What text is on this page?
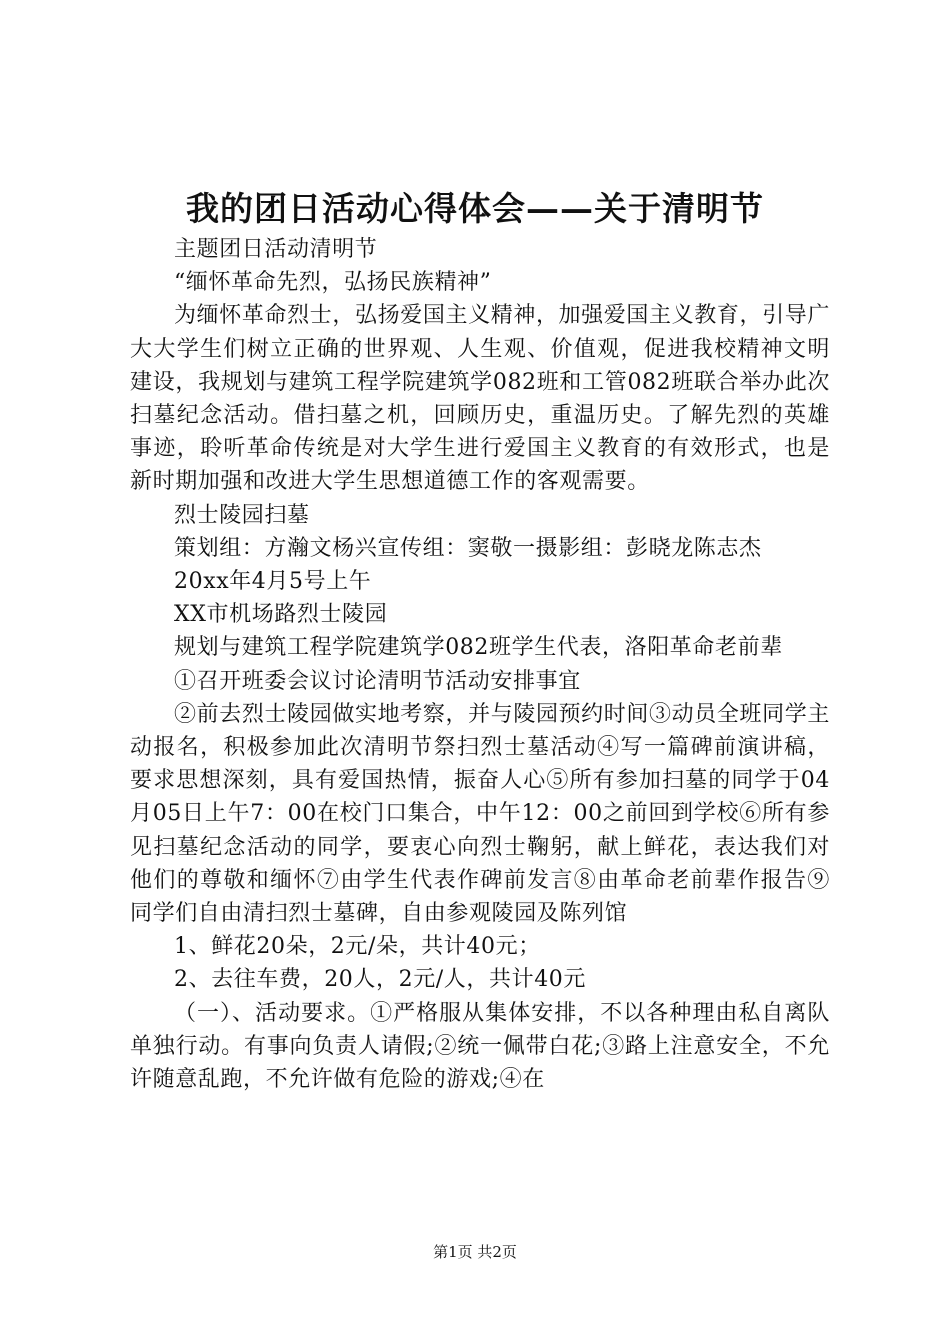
我的团日活动心得体会——关于清明节

主题团日活动清明节

“缅怀革命先烈，弘扬民族精神”

为缅怀革命烈士，弘扬爱国主义精神，加强爱国主义教育，引导广大大学生们树立正确的世界观、人生观、价值观，促进我校精神文明建设，我规划与建筑工程学院建筑学082班和工管082班联合举办此次扫墓纪念活动。借扫墓之机，回顾历史，重温历史。了解先烈的英雄事迹，聆听革命传统是对大学生进行爱国主义教育的有效形式，也是新时期加强和改进大学生思想道德工作的客观需要。

烈士陵园扫墓

策划组：方瀚文杨兴宣传组：窦敬一摄影组：彭晓龙陈志杰

20xx年4月5号上午

XX市机场路烈士陵园

规划与建筑工程学院建筑学082班学生代表，洛阳革命老前辈

①召开班委会议讨论清明节活动安排事宜

②前去烈士陵园做实地考察，并与陵园预约时间③动员全班同学主动报名，积极参加此次清明节祭扫烈士墓活动④写一篇碑前演讲稿，要求思想深刻，具有爱国热情，振奋人心⑤所有参加扫墓的同学于04月05日上午7：00在校门口集合，中午12：00之前回到学校⑥所有参见扫墓纪念活动的同学，要衷心向烈士鞠躬，献上鲜花，表达我们对他们的尊敬和缅怀⑦由学生代表作碑前发言⑧由革命老前辈作报告⑨同学们自由清扫烈士墓碑，自由参观陵园及陈列馆

1、鲜花20朵，2元/朵，共计40元；

2、去往车费，20人，2元/人，共计40元

（一）、活动要求。①严格服从集体安排，不以各种理由私自离队单独行动。有事向负责人请假;②统一佩带白花;③路上注意安全，不允许随意乱跑，不允许做有危险的游戏;④在

第1页 共2页
